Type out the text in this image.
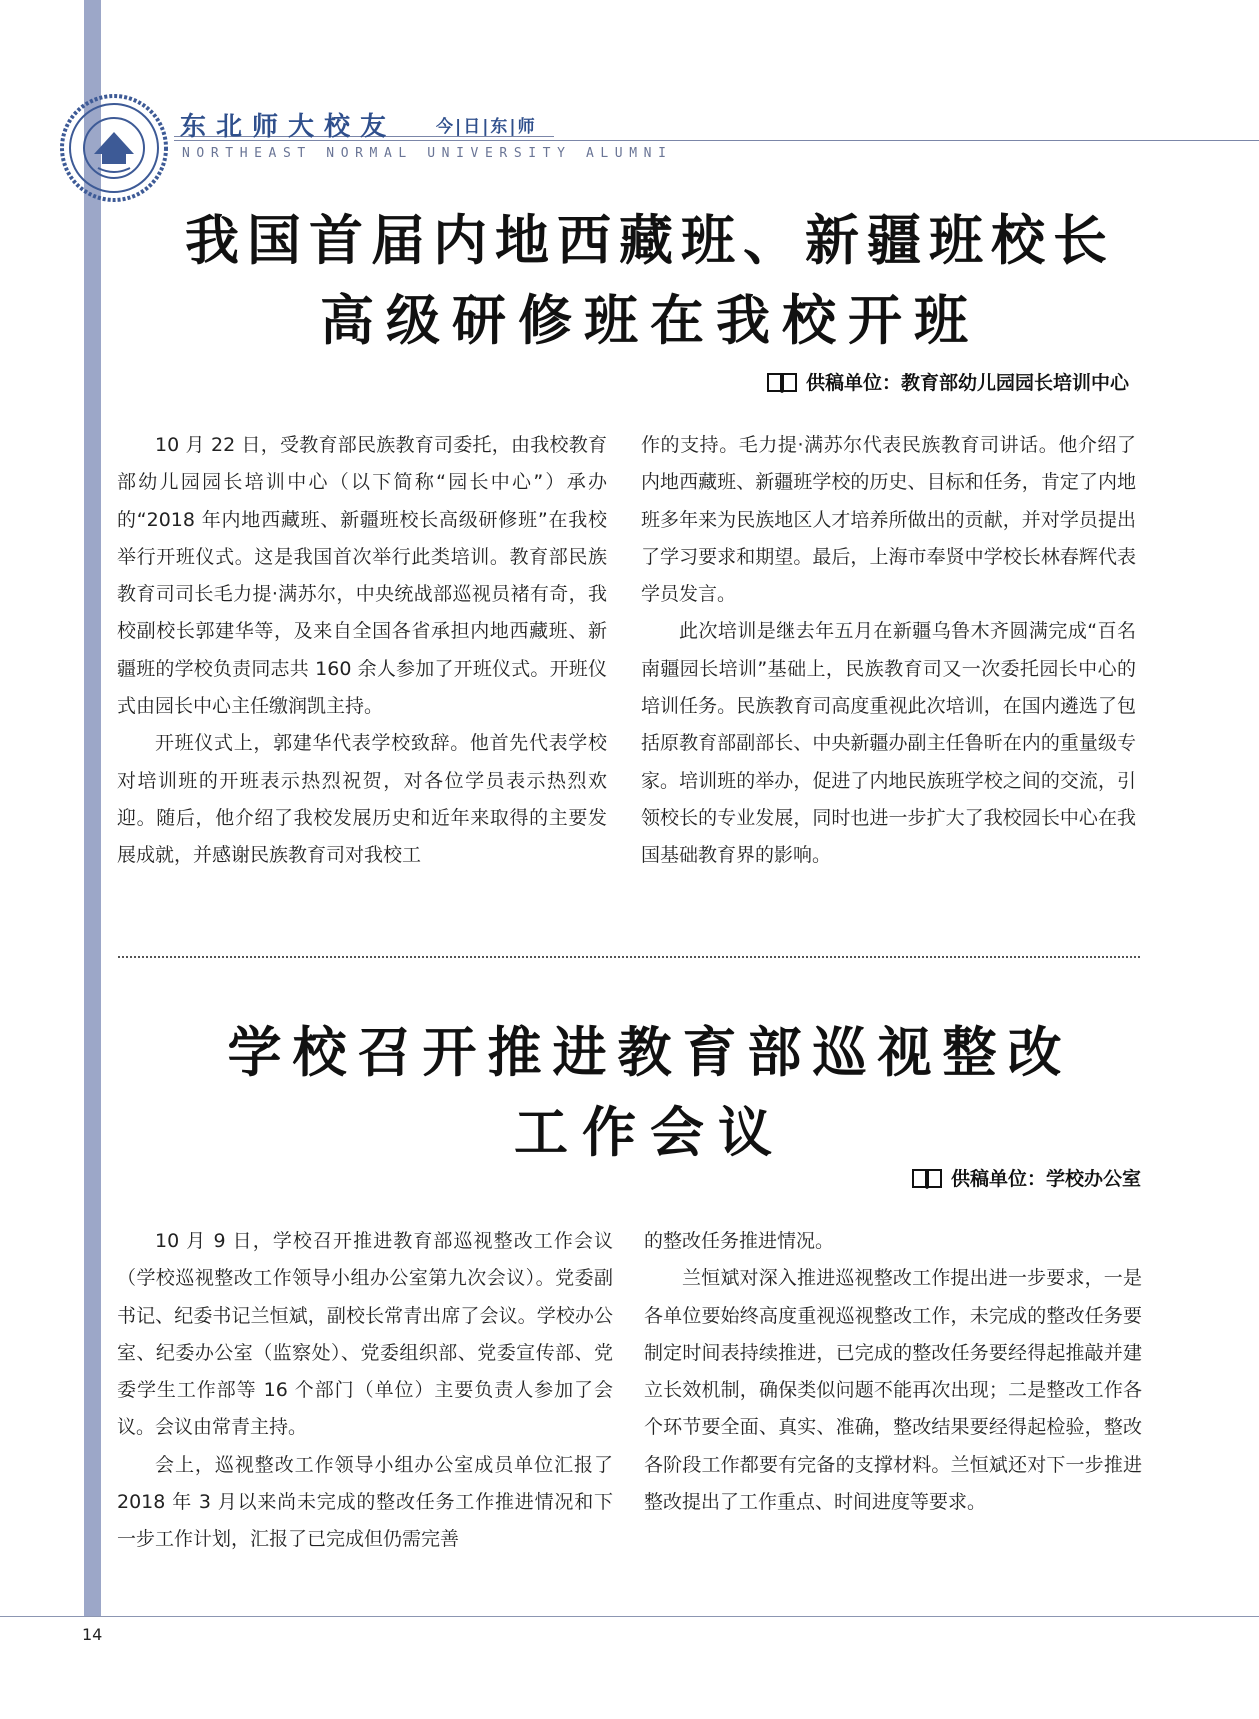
东北师大校友 今|日|东|师
NORTHEAST NORMAL UNIVERSITY ALUMNI
我国首届内地西藏班、新疆班校长
高级研修班在我校开班
供稿单位：教育部幼儿园园长培训中心

10 月 22 日，受教育部民族教育司委托，由我校教育部幼儿园园长培训中心（以下简称“园长中心”）承办的“2018 年内地西藏班、新疆班校长高级研修班”在我校举行开班仪式。这是我国首次举行此类培训。教育部民族教育司司长毛力提·满苏尔，中央统战部巡视员褚有奇，我校副校长郭建华等，及来自全国各省承担内地西藏班、新疆班的学校负责同志共 160 余人参加了开班仪式。开班仪式由园长中心主任缴润凯主持。

开班仪式上，郭建华代表学校致辞。他首先代表学校对培训班的开班表示热烈祝贺，对各位学员表示热烈欢迎。随后，他介绍了我校发展历史和近年来取得的主要发展成就，并感谢民族教育司对我校工

作的支持。毛力提·满苏尔代表民族教育司讲话。他介绍了内地西藏班、新疆班学校的历史、目标和任务，肯定了内地班多年来为民族地区人才培养所做出的贡献，并对学员提出了学习要求和期望。最后，上海市奉贤中学校长林春辉代表学员发言。

此次培训是继去年五月在新疆乌鲁木齐圆满完成“百名南疆园长培训”基础上，民族教育司又一次委托园长中心的培训任务。民族教育司高度重视此次培训，在国内遴选了包括原教育部副部长、中央新疆办副主任鲁昕在内的重量级专家。培训班的举办，促进了内地民族班学校之间的交流，引领校长的专业发展，同时也进一步扩大了我校园长中心在我国基础教育界的影响。

学校召开推进教育部巡视整改
工作会议
供稿单位：学校办公室

10 月 9 日，学校召开推进教育部巡视整改工作会议（学校巡视整改工作领导小组办公室第九次会议）。党委副书记、纪委书记兰恒斌，副校长常青出席了会议。学校办公室、纪委办公室（监察处）、党委组织部、党委宣传部、党委学生工作部等 16 个部门（单位）主要负责人参加了会议。会议由常青主持。

会上，巡视整改工作领导小组办公室成员单位汇报了 2018 年 3 月以来尚未完成的整改任务工作推进情况和下一步工作计划，汇报了已完成但仍需完善

的整改任务推进情况。

兰恒斌对深入推进巡视整改工作提出进一步要求，一是各单位要始终高度重视巡视整改工作，未完成的整改任务要制定时间表持续推进，已完成的整改任务要经得起推敲并建立长效机制，确保类似问题不能再次出现；二是整改工作各个环节要全面、真实、准确，整改结果要经得起检验，整改各阶段工作都要有完备的支撑材料。兰恒斌还对下一步推进整改提出了工作重点、时间进度等要求。

14
